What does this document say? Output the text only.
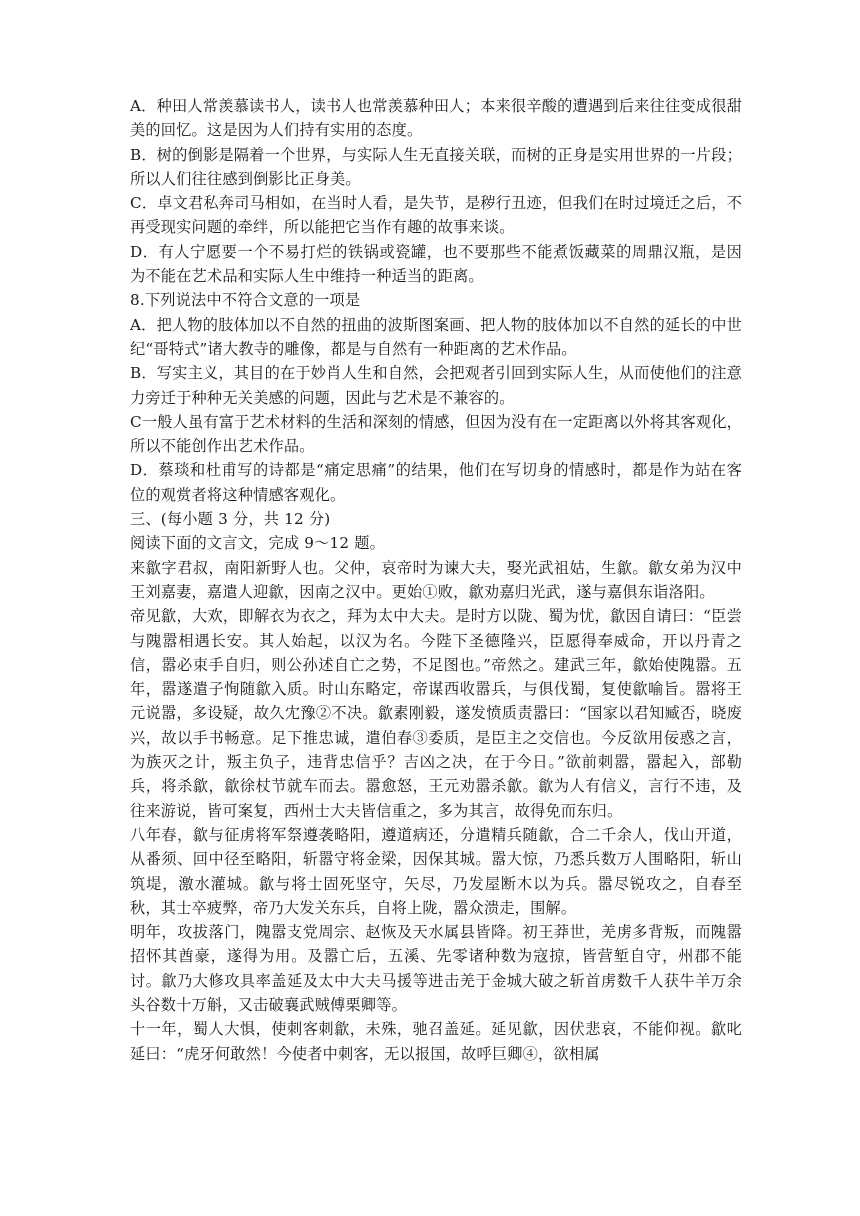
A．种田人常羡慕读书人，读书人也常羡慕种田人；本来很辛酸的遭遇到后来往往变成很甜美的回忆。这是因为人们持有实用的态度。

B．树的倒影是隔着一个世界，与实际人生无直接关联，而树的正身是实用世界的一片段；所以人们往往感到倒影比正身美。

C．卓文君私奔司马相如，在当时人看，是失节，是秽行丑迹，但我们在时过境迁之后，不再受现实问题的牵绊，所以能把它当作有趣的故事来谈。

D．有人宁愿要一个不易打烂的铁锅或瓷罐，也不要那些不能煮饭藏菜的周鼎汉瓶，是因为不能在艺术品和实际人生中维持一种适当的距离。

8.下列说法中不符合文意的一项是

A．把人物的肢体加以不自然的扭曲的波斯图案画、把人物的肢体加以不自然的延长的中世纪“哥特式”诸大教寺的雕像，都是与自然有一种距离的艺术作品。

B．写实主义，其目的在于妙肖人生和自然，会把观者引回到实际人生，从而使他们的注意力旁迁于种种无关美感的问题，因此与艺术是不兼容的。

C一般人虽有富于艺术材料的生活和深刻的情感，但因为没有在一定距离以外将其客观化，所以不能创作出艺术作品。

D．蔡琰和杜甫写的诗都是“痛定思痛”的结果，他们在写切身的情感时，都是作为站在客位的观赏者将这种情感客观化。

三、(每小题 3 分，共 12 分)

阅读下面的文言文，完成 9～12 题。

来歙字君叔，南阳新野人也。父仲，哀帝时为谏大夫，娶光武祖姑，生歙。歙女弟为汉中王刘嘉妻，嘉遣人迎歙，因南之汉中。更始①败，歙劝嘉归光武，遂与嘉俱东诣洛阳。

帝见歙，大欢，即解衣为衣之，拜为太中大夫。是时方以陇、蜀为忧，歙因自请曰：“臣尝与隗嚣相遇长安。其人始起，以汉为名。今陛下圣德隆兴，臣愿得奉威命，开以丹青之信，嚣必束手自归，则公孙述自亡之势，不足图也。”帝然之。建武三年，歙始使隗嚣。五年，嚣遂遣子恂随歙入质。时山东略定，帝谋西收嚣兵，与俱伐蜀，复使歙喻旨。嚣将王元说嚣，多设疑，故久冘豫②不决。歙素刚毅，遂发愤质责嚣曰：“国家以君知臧否，晓废兴，故以手书畅意。足下推忠诚，遣伯春③委质，是臣主之交信也。今反欲用佞惑之言，为族灭之计，叛主负子，违背忠信乎？吉凶之决，在于今日。”欲前刺嚣，嚣起入，部勒兵，将杀歙，歙徐杖节就车而去。嚣愈怒，王元劝嚣杀歙。歙为人有信义，言行不违，及往来游说，皆可案复，西州士大夫皆信重之，多为其言，故得免而东归。

八年春，歙与征虏将军祭遵袭略阳，遵道病还，分遣精兵随歙，合二千余人，伐山开道，从番须、回中径至略阳，斩嚣守将金梁，因保其城。嚣大惊，乃悉兵数万人围略阳，斩山筑堤，激水灌城。歙与将士固死坚守，矢尽，乃发屋断木以为兵。嚣尽锐攻之，自春至秋，其士卒疲弊，帝乃大发关东兵，自将上陇，嚣众溃走，围解。

明年，攻拔落门，隗嚣支党周宗、赵恢及天水属县皆降。初王莽世，羌虏多背叛，而隗嚣招怀其酋豪，遂得为用。及嚣亡后，五溪、先零诸种数为寇掠，皆营堑自守，州郡不能讨。歙乃大修攻具率盖延及太中大夫马援等进击羌于金城大破之斩首虏数千人获牛羊万余头谷数十万斛，又击破襄武贼傅栗卿等。

十一年，蜀人大惧，使刺客刺歙，未殊，驰召盖延。延见歙，因伏悲哀，不能仰视。歙叱延曰：“虎牙何敢然！今使者中刺客，无以报国，故呼巨卿④，欲相属
